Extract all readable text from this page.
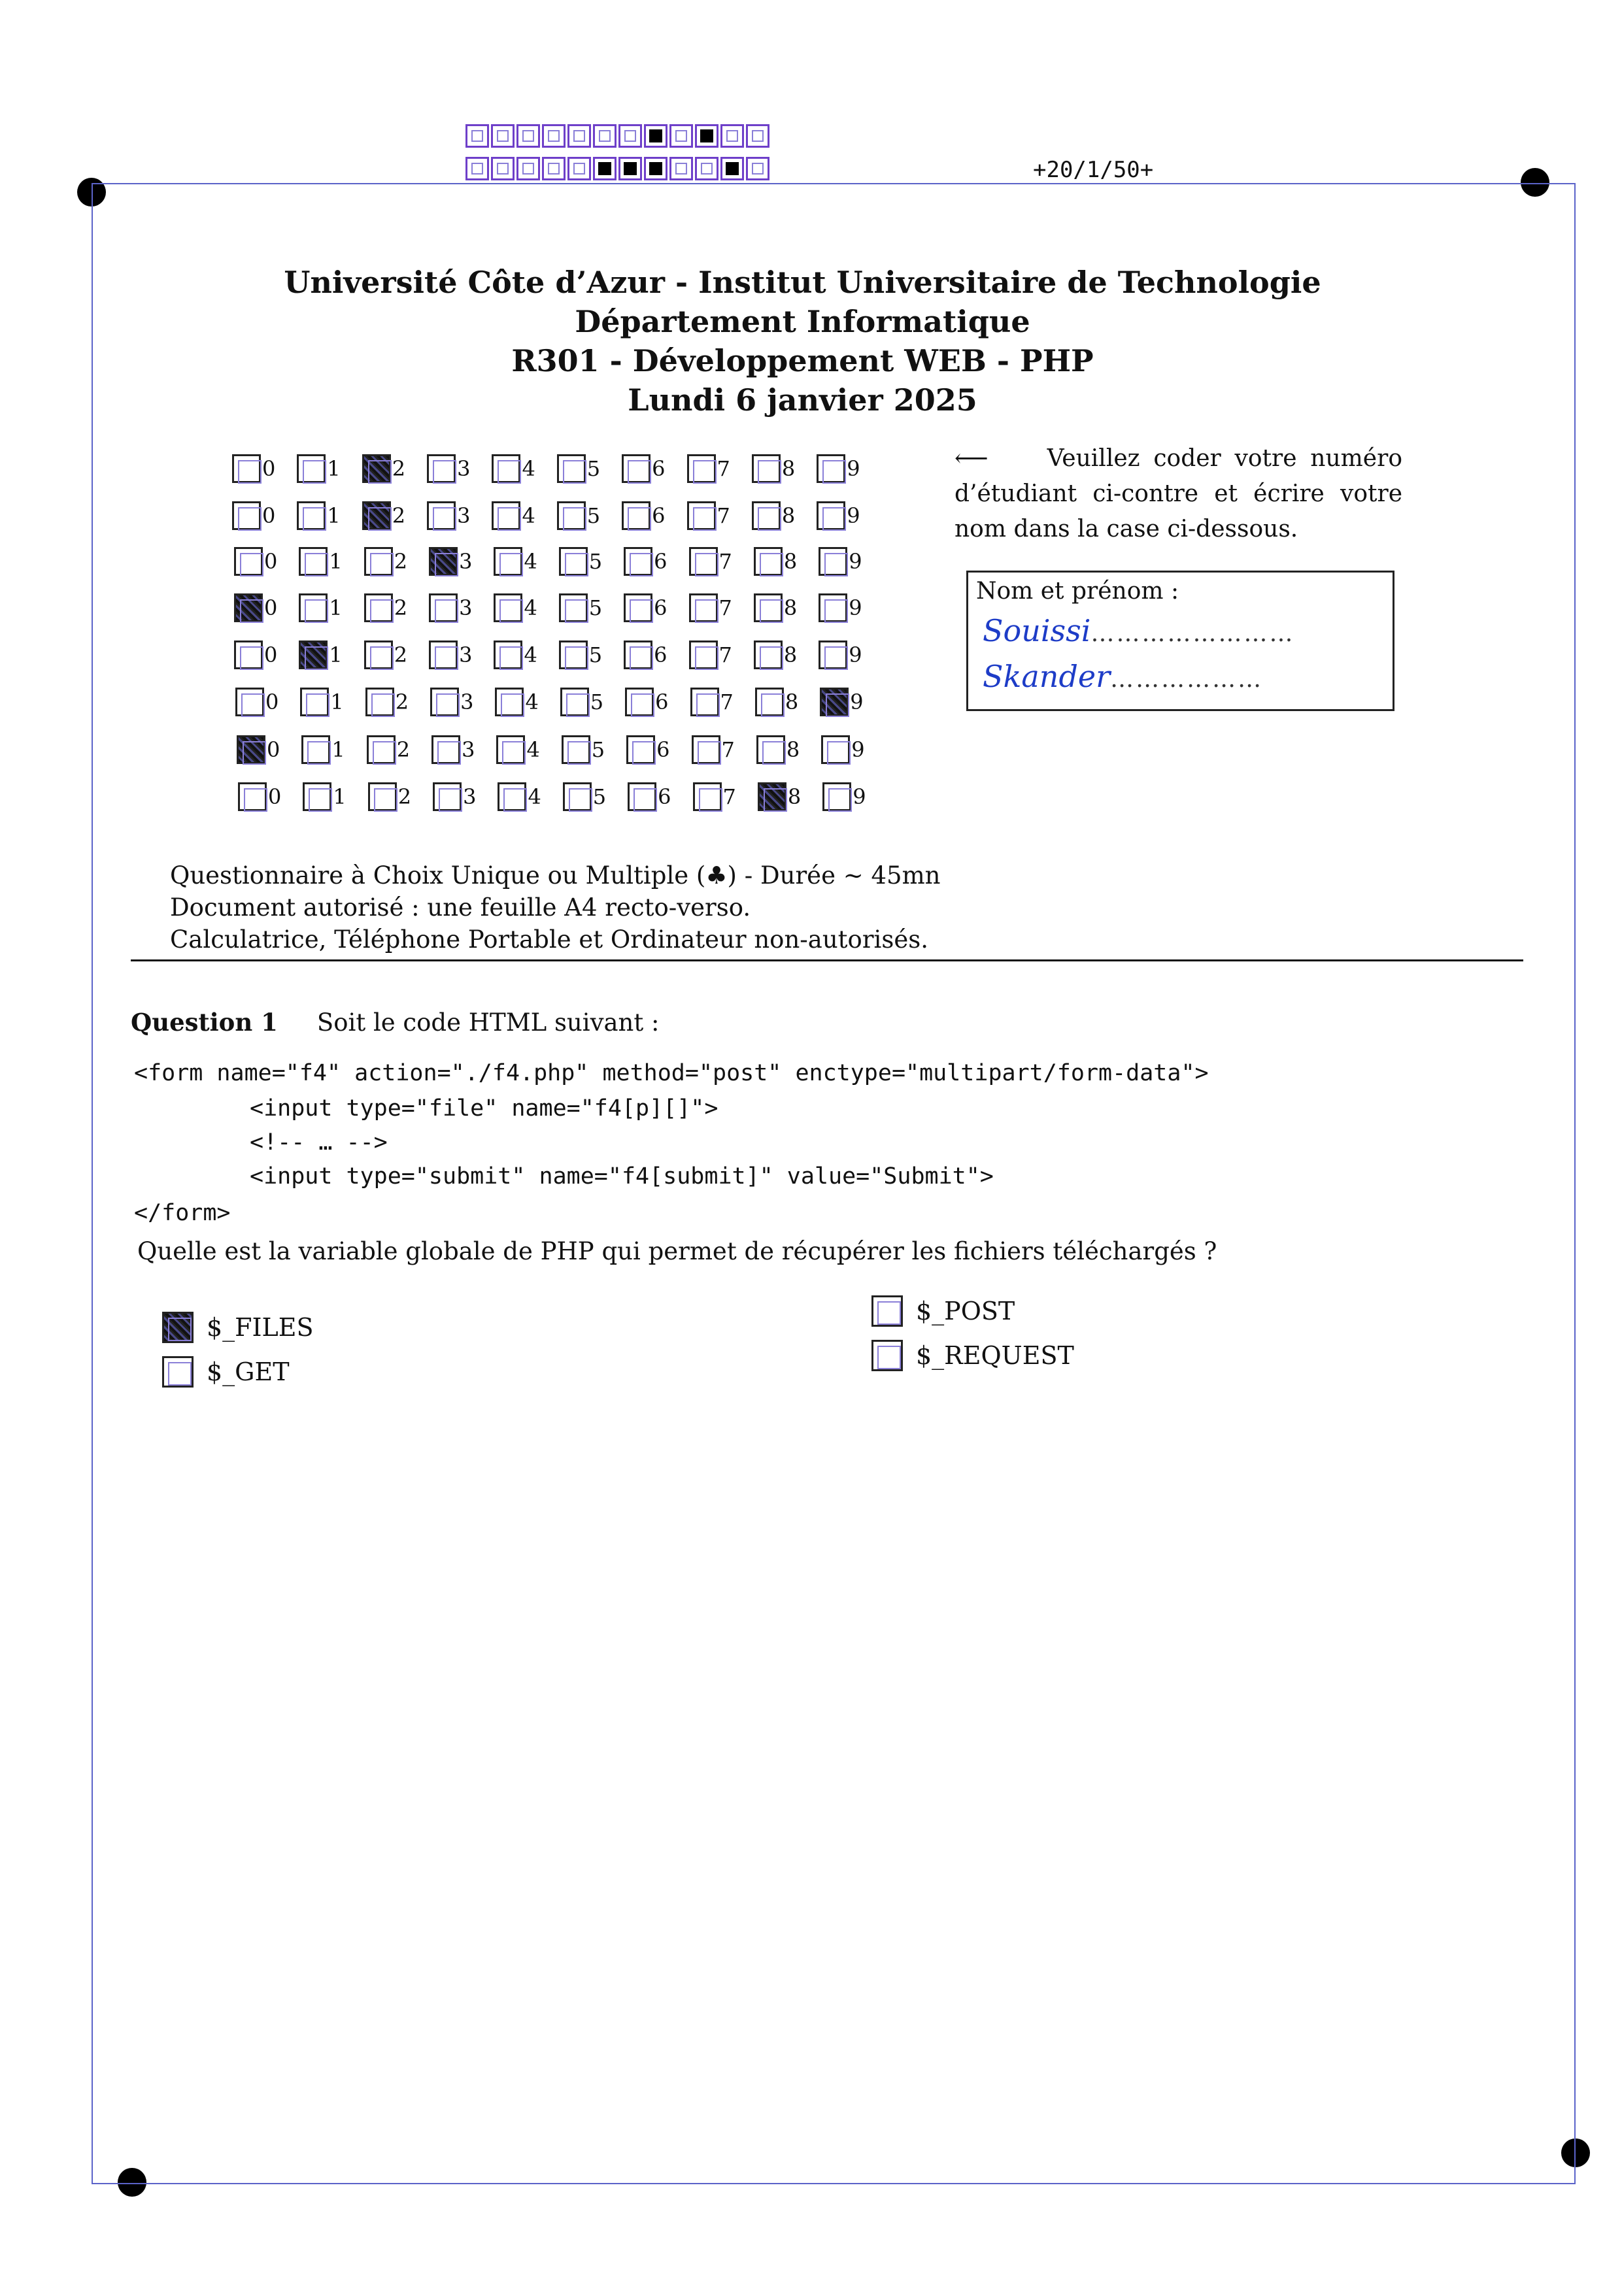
+20/1/50+
Université Côte d’Azur - Institut Universitaire de Technologie
Département Informatique
R301 - Développement WEB - PHP
Lundi 6 janvier 2025
0 1 2 3 4 5 6 7 8 9
0 1 2 3 4 5 6 7 8 9
0 1 2 3 4 5 6 7 8 9
0 1 2 3 4 5 6 7 8 9
0 1 2 3 4 5 6 7 8 9
0 1 2 3 4 5 6 7 8 9
0 1 2 3 4 5 6 7 8 9
0 1 2 3 4 5 6 7 8 9
⟵	Veuillez coder votre numéro d’étudiant ci-contre et écrire votre nom dans la case ci-dessous.
Nom et prénom :
Souissi……………………
Skander………………
Questionnaire à Choix Unique ou Multiple (♣) - Durée ∼ 45mn
Document autorisé : une feuille A4 recto-verso.
Calculatrice, Téléphone Portable et Ordinateur non-autorisés.
Question 1 Soit le code HTML suivant :
<form name="f4" action="./f4.php" method="post" enctype="multipart/form-data">
<input type="file" name="f4[p][]">
<!-- … -->
<input type="submit" name="f4[submit]" value="Submit">
</form>
Quelle est la variable globale de PHP qui permet de récupérer les fichiers téléchargés ?
$_FILES
$_GET
$_POST
$_REQUEST
